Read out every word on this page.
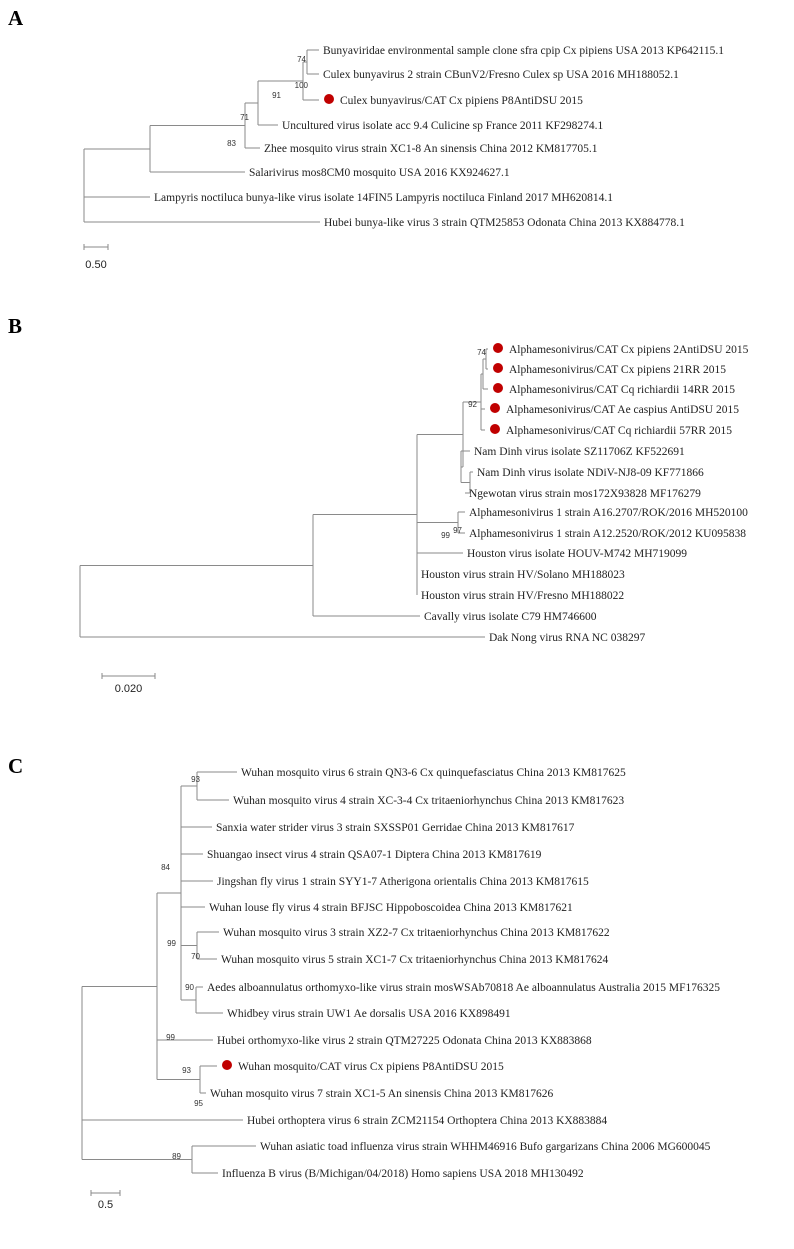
A
Bunyaviridae environmental sample clone sfra cpip Cx pipiens USA 2013 KP642115.1
Culex bunyavirus 2 strain CBunV2/Fresno Culex sp USA 2016 MH188052.1
Culex bunyavirus/CAT Cx pipiens P8AntiDSU 2015
Uncultured virus isolate acc 9.4 Culicine sp France 2011 KF298274.1
Zhee mosquito virus strain XC1-8 An sinensis China 2012 KM817705.1
Salarivirus mos8CM0 mosquito USA 2016 KX924627.1
Lampyris noctiluca bunya-like virus isolate 14FIN5 Lampyris noctiluca Finland 2017 MH620814.1
Hubei bunya-like virus 3 strain QTM25853 Odonata China 2013 KX884778.1
74
100
91
71
83
0.50
B
Alphamesonivirus/CAT Cx pipiens 2AntiDSU 2015
Alphamesonivirus/CAT Cx pipiens 21RR 2015
Alphamesonivirus/CAT Cq richiardii 14RR 2015
Alphamesonivirus/CAT Ae caspius AntiDSU 2015
Alphamesonivirus/CAT Cq richiardii 57RR 2015
Nam Dinh virus isolate SZ11706Z KF522691
Nam Dinh virus isolate NDiV-NJ8-09 KF771866
Ngewotan virus strain mos172X93828 MF176279
Alphamesonivirus 1 strain A16.2707/ROK/2016 MH520100
Alphamesonivirus 1 strain A12.2520/ROK/2012 KU095838
Houston virus isolate HOUV-M742 MH719099
Houston virus strain HV/Solano MH188023
Houston virus strain HV/Fresno MH188022
Cavally virus isolate C79 HM746600
Dak Nong virus RNA NC 038297
74
92
97
99
0.020
C	Wuhan mosquito virus 6 strain QN3-6 Cx quinquefasciatus China 2013 KM817625
Wuhan mosquito virus 4 strain XC-3-4 Cx tritaeniorhynchus China 2013 KM817623
Sanxia water strider virus 3 strain SXSSP01 Gerridae China 2013 KM817617
Shuangao insect virus 4 strain QSA07-1 Diptera China 2013 KM817619
Jingshan fly virus 1 strain SYY1-7 Atherigona orientalis China 2013 KM817615
Wuhan louse fly virus 4 strain BFJSC Hippoboscoidea China 2013 KM817621
Wuhan mosquito virus 3 strain XZ2-7 Cx tritaeniorhynchus China 2013 KM817622
Wuhan mosquito virus 5 strain XC1-7 Cx tritaeniorhynchus China 2013 KM817624
Aedes alboannulatus orthomyxo-like virus strain mosWSAb70818 Ae alboannulatus Australia 2015 MF176325
Whidbey virus strain UW1 Ae dorsalis USA 2016 KX898491
Hubei orthomyxo-like virus 2 strain QTM27225 Odonata China 2013 KX883868
Wuhan mosquito/CAT virus Cx pipiens P8AntiDSU 2015
Wuhan mosquito virus 7 strain XC1-5 An sinensis China 2013 KM817626
Hubei orthoptera virus 6 strain ZCM21154 Orthoptera China 2013 KX883884
Wuhan asiatic toad influenza virus strain WHHM46916 Bufo gargarizans China 2006 MG600045
Influenza B virus (B/Michigan/04/2018) Homo sapiens USA 2018 MH130492
93
84
99
70
90
93
95
99
89
0.5
